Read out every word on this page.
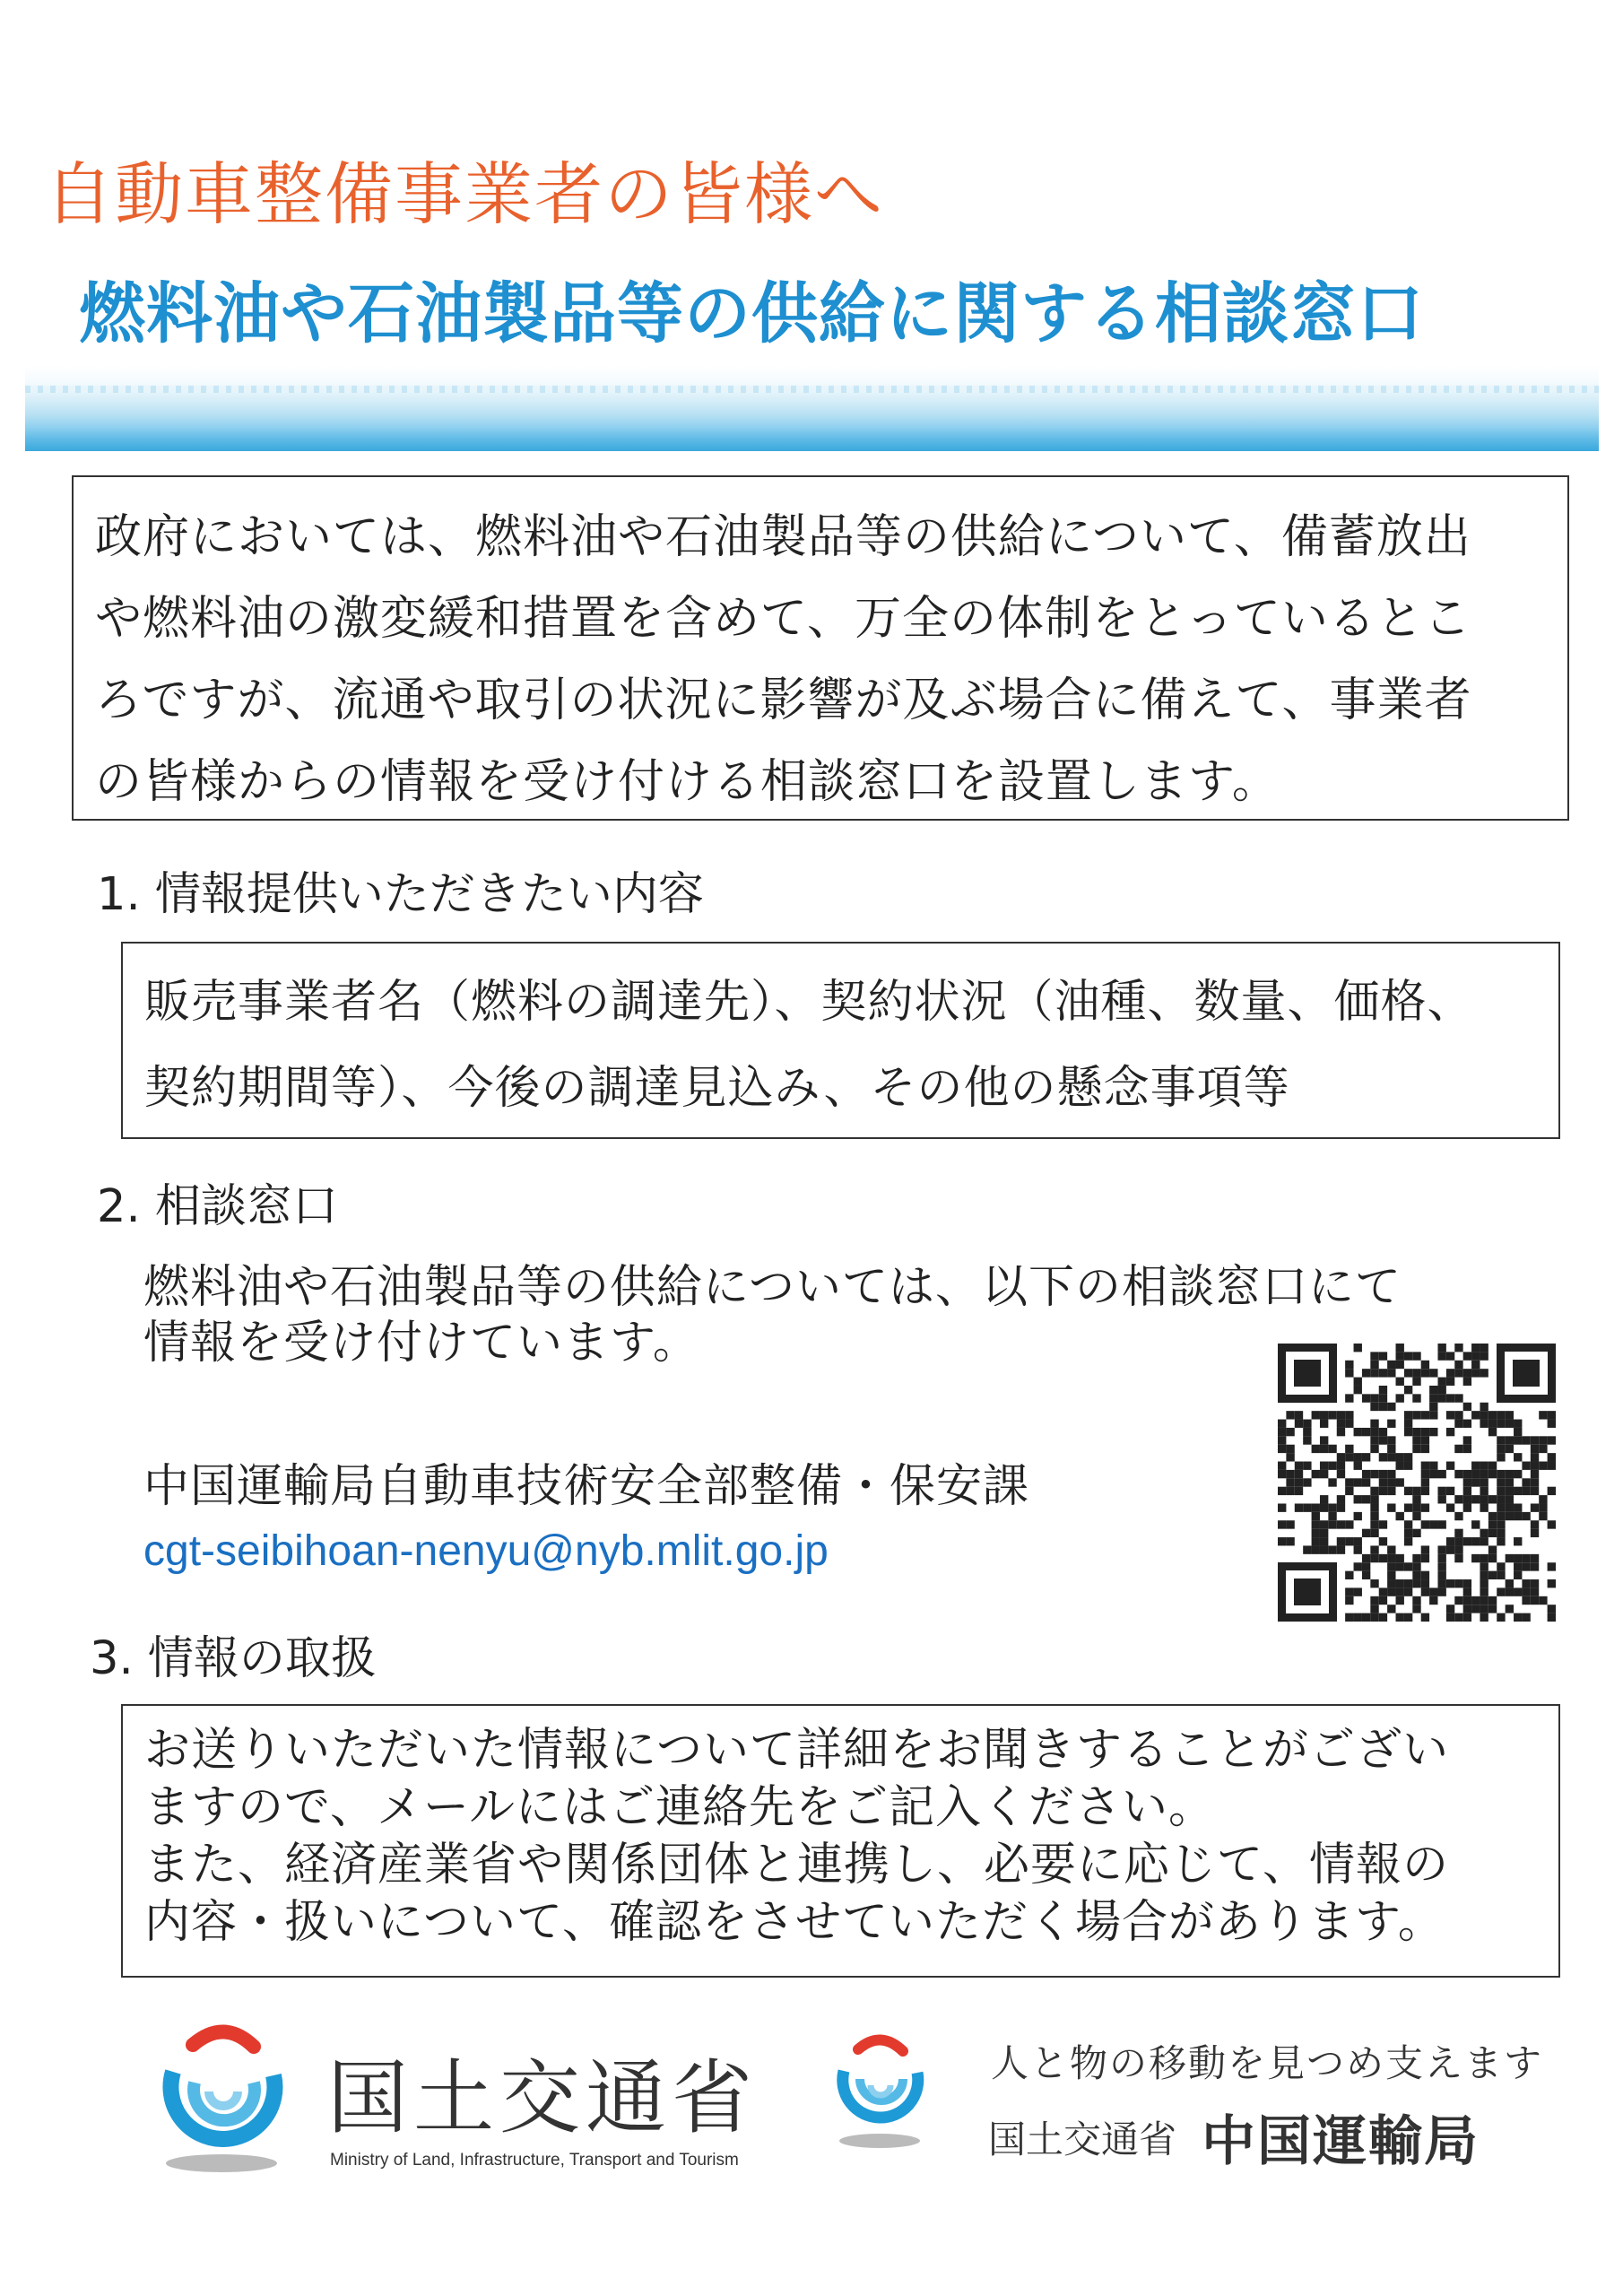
自動車整備事業者の皆様へ
燃料油や石油製品等の供給に関する相談窓口

政府においては、燃料油や石油製品等の供給について、備蓄放出
や燃料油の激変緩和措置を含めて、万全の体制をとっているとこ
ろですが、流通や取引の状況に影響が及ぶ場合に備えて、事業者
の皆様からの情報を受け付ける相談窓口を設置します。

1. 情報提供いただきたい内容

販売事業者名（燃料の調達先）、契約状況（油種、数量、価格、
契約期間等）、今後の調達見込み、その他の懸念事項等

2. 相談窓口

燃料油や石油製品等の供給については、以下の相談窓口にて
情報を受け付けています。

中国運輸局自動車技術安全部整備・保安課
cgt-seibihoan-nenyu@nyb.mlit.go.jp
3. 情報の取扱

お送りいただいた情報について詳細をお聞きすることがござい
ますので、メールにはご連絡先をご記入ください。
また、経済産業省や関係団体と連携し、必要に応じて、情報の
内容・扱いについて、確認をさせていただく場合があります。

国土交通省
Ministry of Land, Infrastructure, Transport and Tourism
人と物の移動を見つめ支えます
国土交通省 中国運輸局
